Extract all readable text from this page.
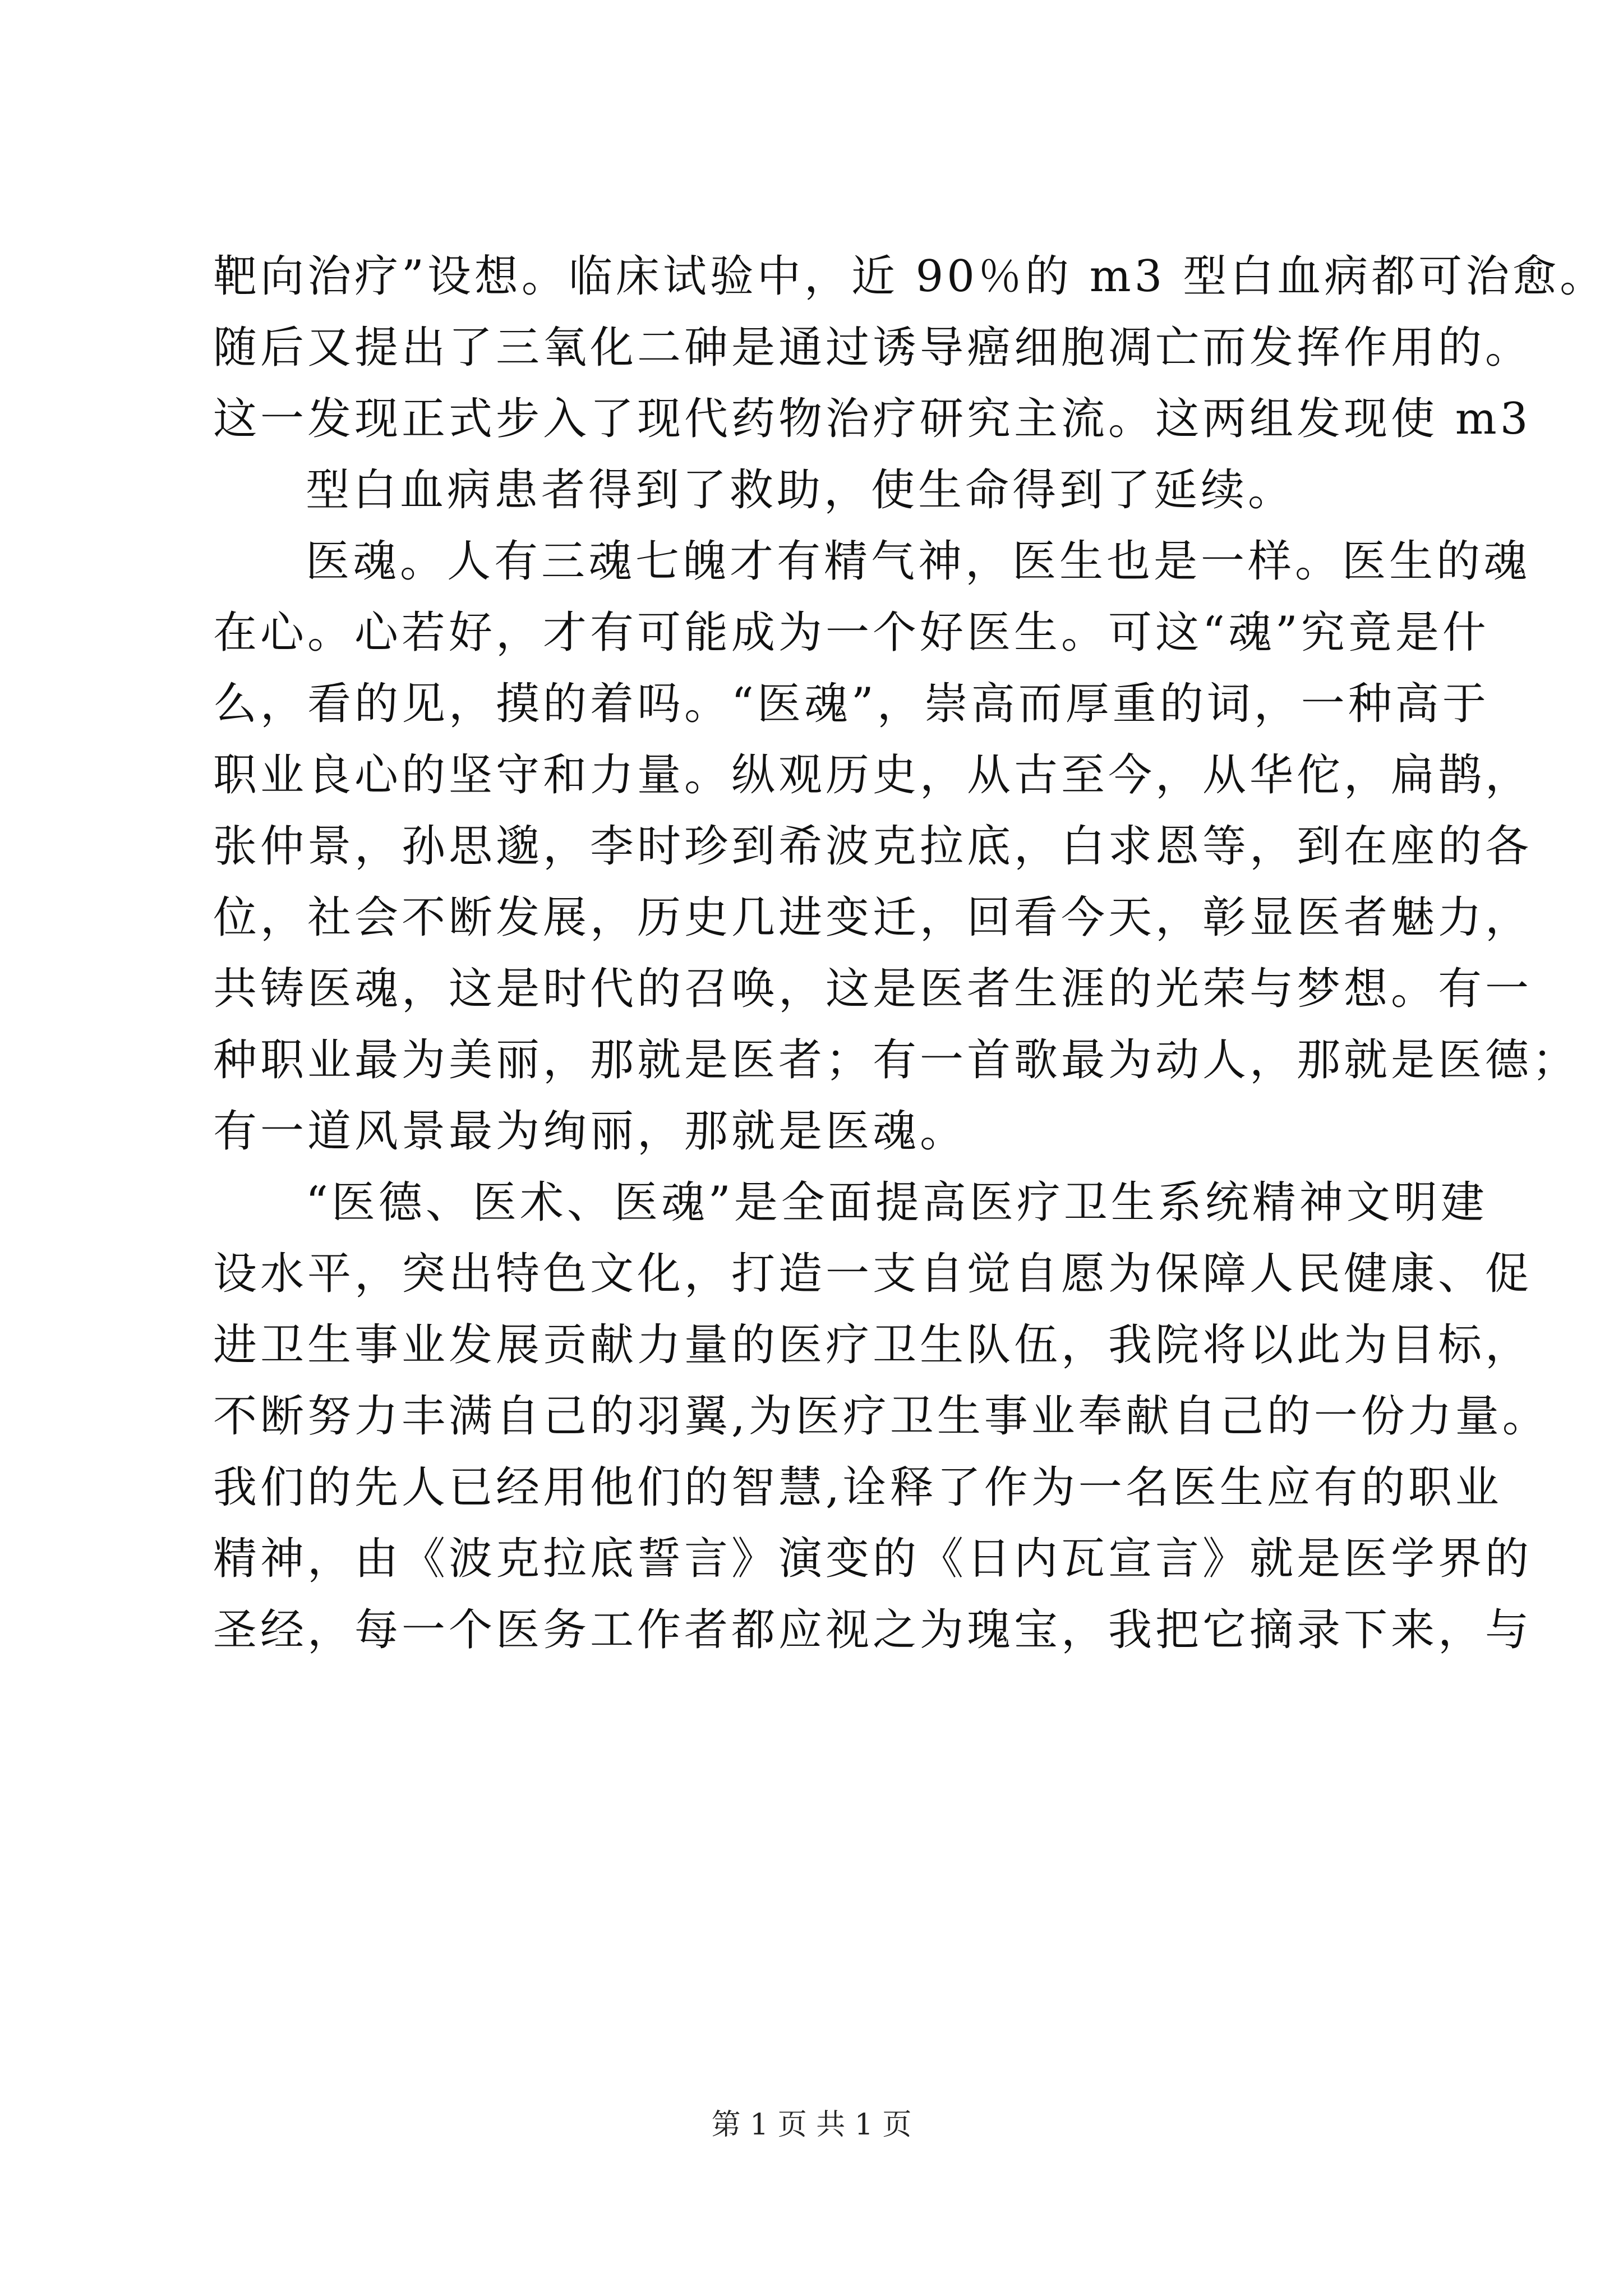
靶向治疗”设想。临床试验中，近 90％的 m3 型白血病都可治愈。
随后又提出了三氧化二砷是通过诱导癌细胞凋亡而发挥作用的。
这一发现正式步入了现代药物治疗研究主流。这两组发现使 m3
型白血病患者得到了救助，使生命得到了延续。
医魂。人有三魂七魄才有精气神，医生也是一样。医生的魂
在心。心若好，才有可能成为一个好医生。可这“魂”究竟是什
么，看的见，摸的着吗。“医魂”，崇高而厚重的词，一种高于
职业良心的坚守和力量。纵观历史，从古至今，从华佗，扁鹊，
张仲景，孙思邈，李时珍到希波克拉底，白求恩等，到在座的各
位，社会不断发展，历史几进变迁，回看今天，彰显医者魅力，
共铸医魂，这是时代的召唤，这是医者生涯的光荣与梦想。有一
种职业最为美丽，那就是医者；有一首歌最为动人，那就是医德；
有一道风景最为绚丽，那就是医魂。
“医德、医术、医魂”是全面提高医疗卫生系统精神文明建
设水平，突出特色文化，打造一支自觉自愿为保障人民健康、促
进卫生事业发展贡献力量的医疗卫生队伍，我院将以此为目标，
不断努力丰满自己的羽翼,为医疗卫生事业奉献自己的一份力量。
我们的先人已经用他们的智慧,诠释了作为一名医生应有的职业
精神，由《波克拉底誓言》演变的《日内瓦宣言》就是医学界的
圣经，每一个医务工作者都应视之为瑰宝，我把它摘录下来，与
第 1 页 共 1 页
